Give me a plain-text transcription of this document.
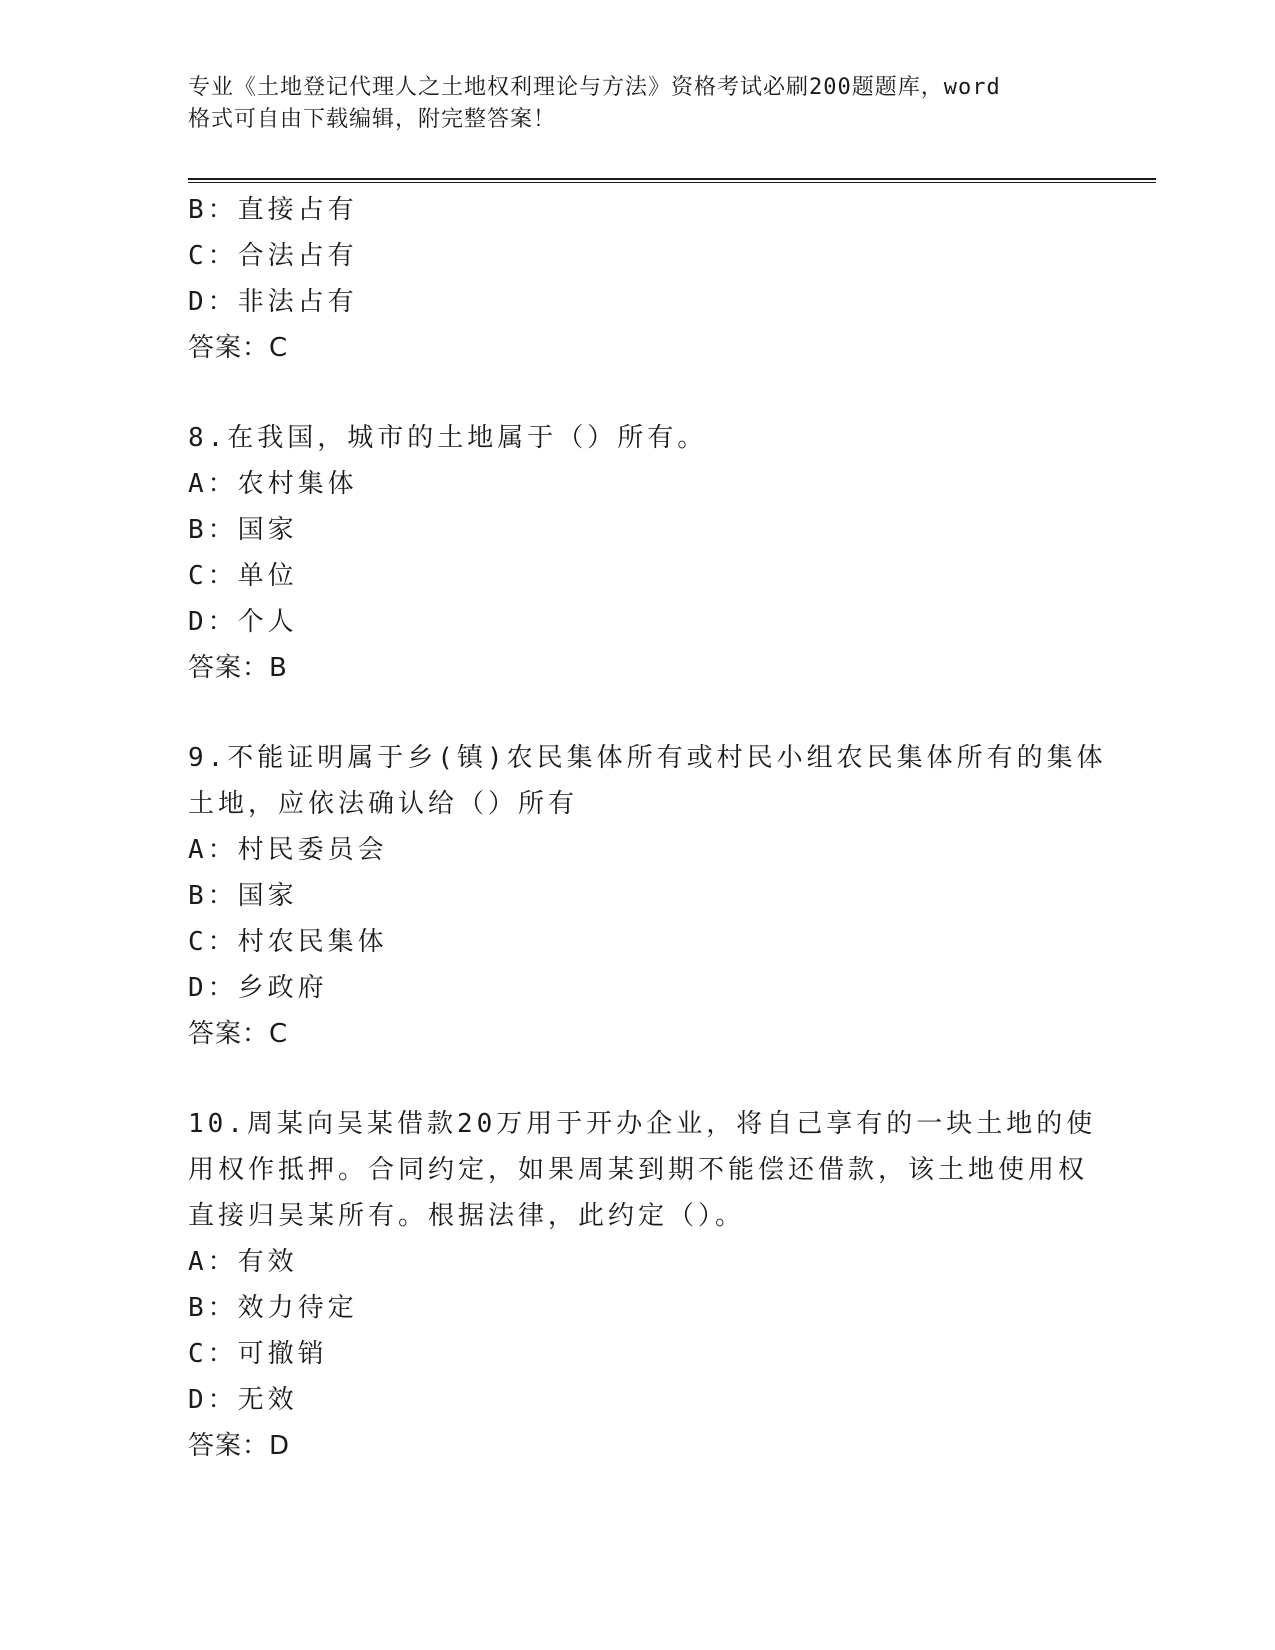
专业《土地登记代理人之土地权利理论与方法》资格考试必刷200题题库，word
格式可自由下载编辑，附完整答案！
B：直接占有
C：合法占有
D：非法占有
答案：C
8.在我国，城市的土地属于（）所有。
A：农村集体
B：国家
C：单位
D：个人
答案：B
9.不能证明属于乡(镇)农民集体所有或村民小组农民集体所有的集体
土地，应依法确认给（）所有
A：村民委员会
B：国家
C：村农民集体
D：乡政府
答案：C
10.周某向吴某借款20万用于开办企业，将自己享有的一块土地的使
用权作抵押。合同约定，如果周某到期不能偿还借款，该土地使用权
直接归吴某所有。根据法律，此约定（）。
A：有效
B：效力待定
C：可撤销
D：无效
答案：D
